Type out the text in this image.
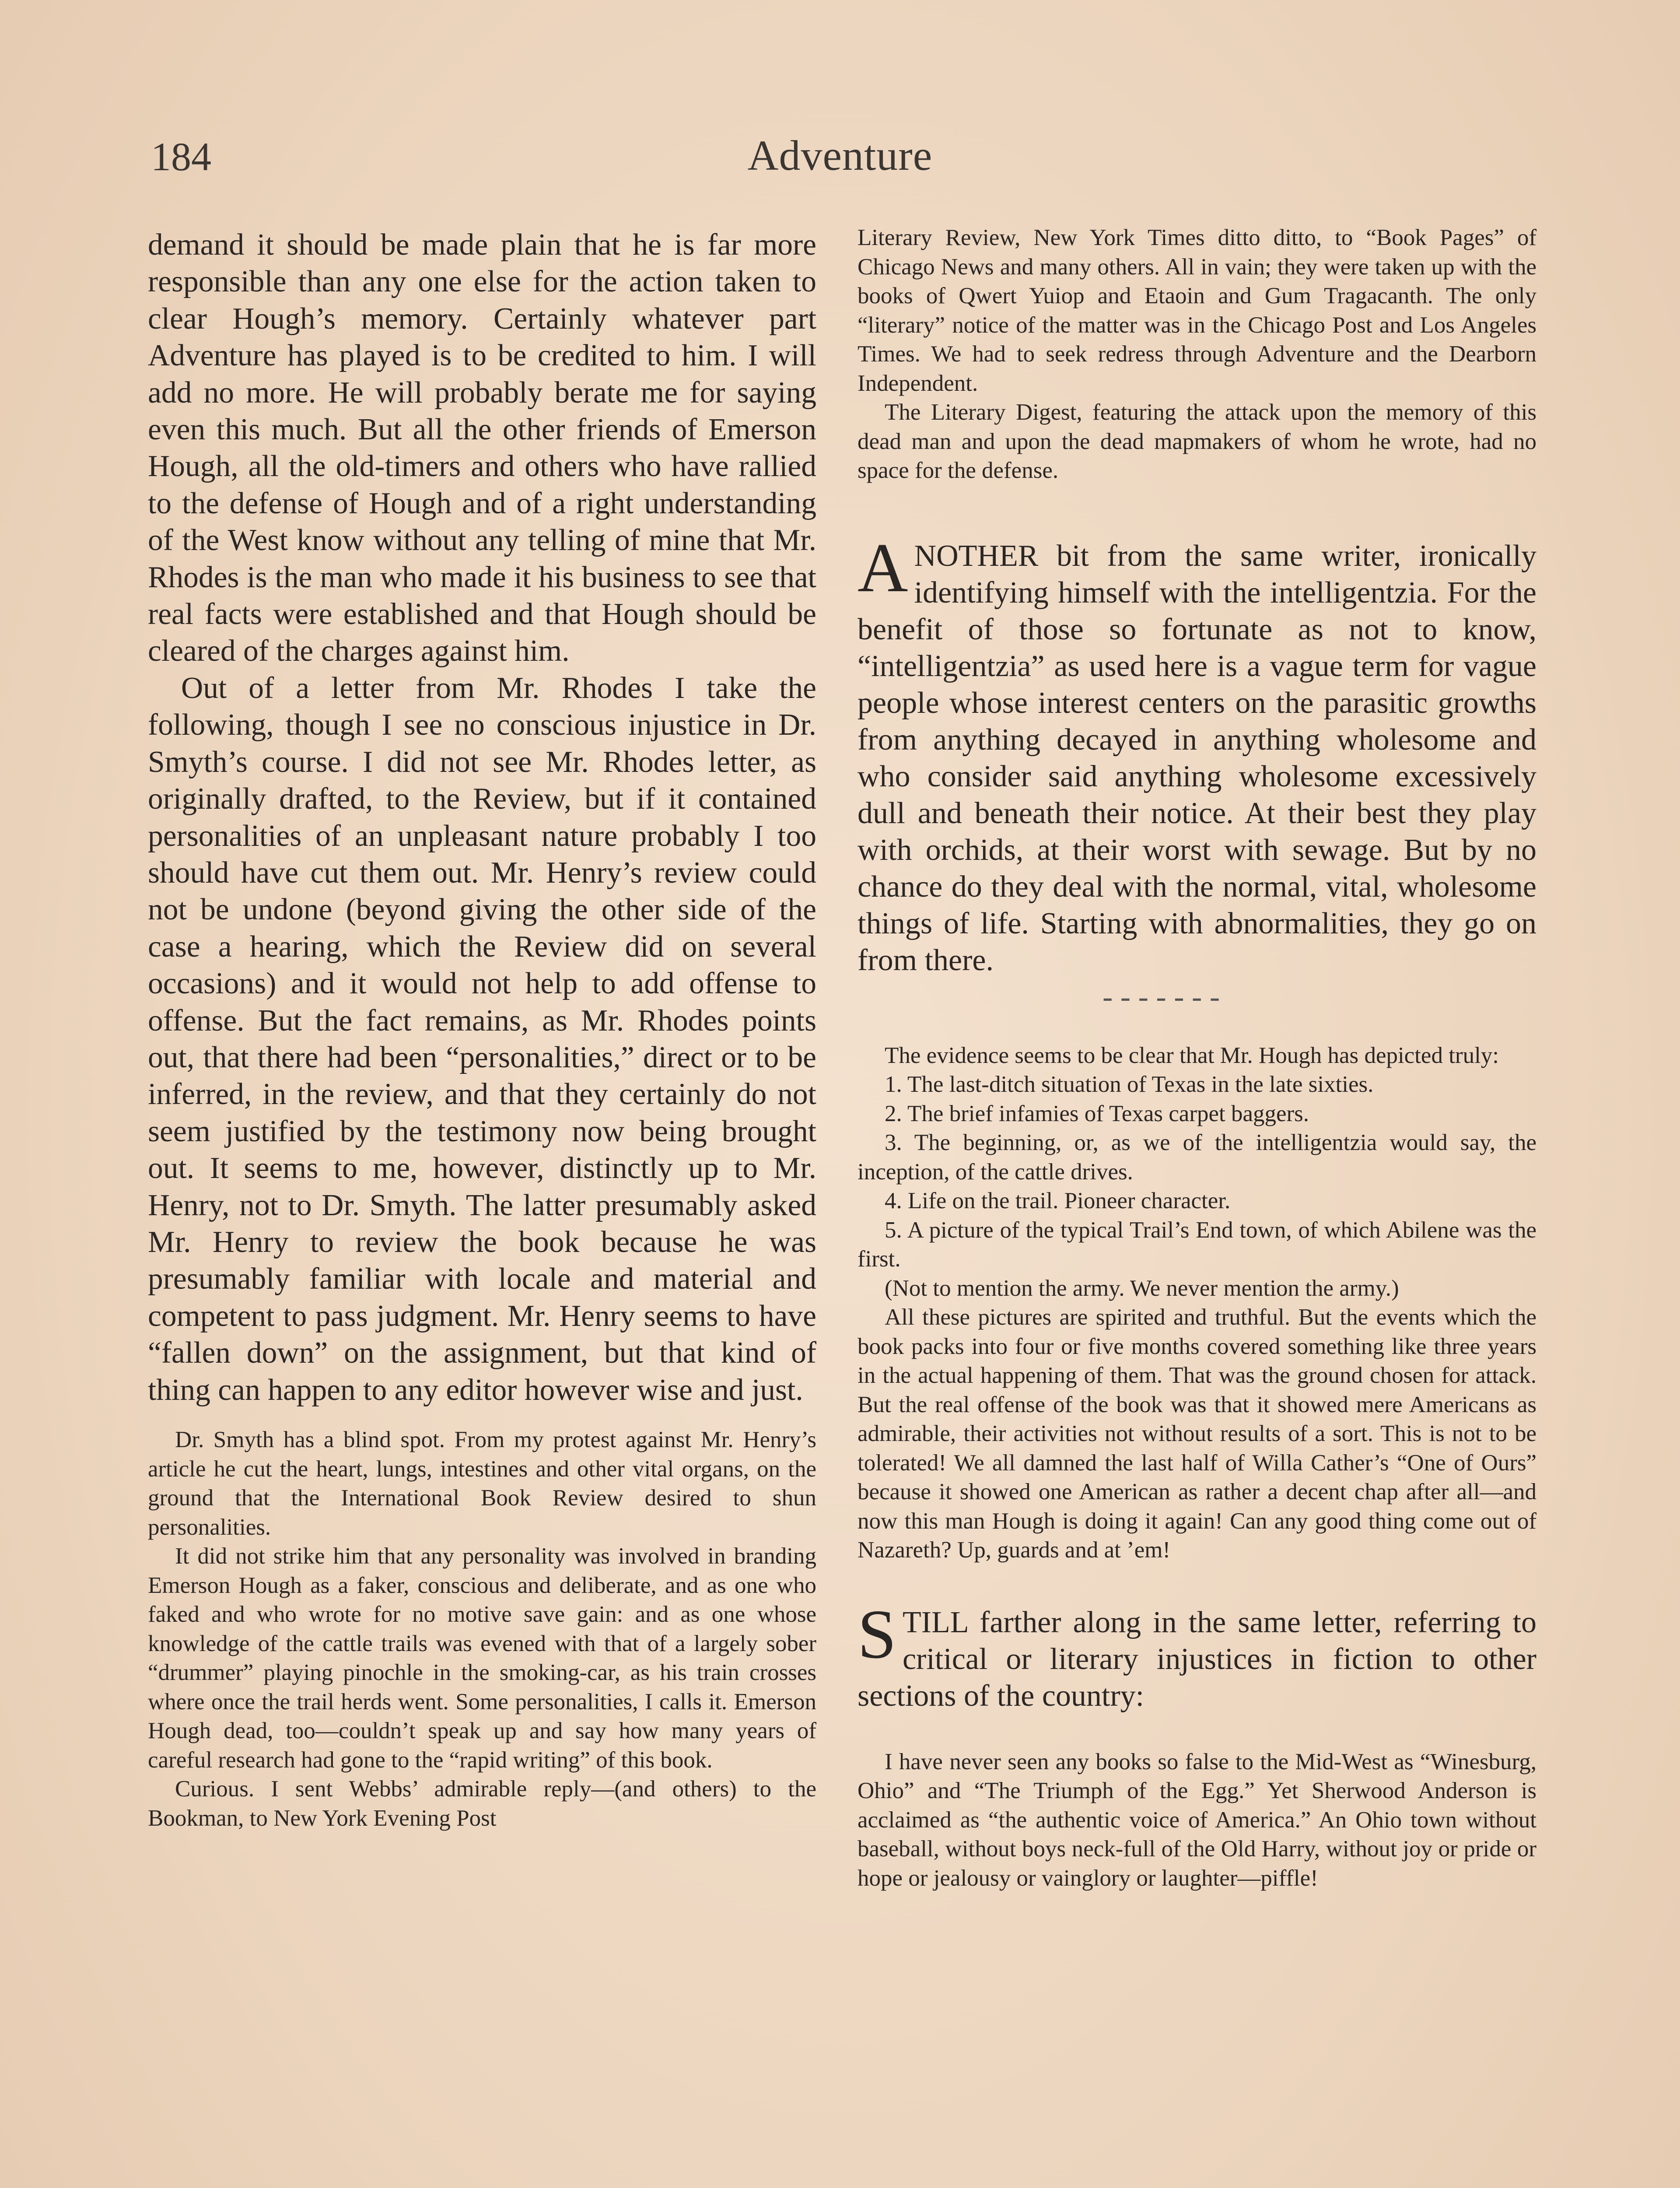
184	Adventure

demand it should be made plain that he is far more responsible than any one else for the action taken to clear Hough’s memory. Certainly whatever part Adventure has played is to be credited to him. I will add no more. He will probably berate me for saying even this much. But all the other friends of Emerson Hough, all the old-timers and others who have rallied to the defense of Hough and of a right understanding of the West know without any telling of mine that Mr. Rhodes is the man who made it his business to see that real facts were established and that Hough should be cleared of the charges against him.

Out of a letter from Mr. Rhodes I take the following, though I see no conscious injustice in Dr. Smyth’s course. I did not see Mr. Rhodes letter, as originally drafted, to the Review, but if it contained personalities of an unpleasant nature probably I too should have cut them out. Mr. Henry’s review could not be undone (beyond giving the other side of the case a hearing, which the Review did on several occasions) and it would not help to add offense to offense. But the fact remains, as Mr. Rhodes points out, that there had been “personalities,” direct or to be inferred, in the review, and that they certainly do not seem justified by the testimony now being brought out. It seems to me, however, distinctly up to Mr. Henry, not to Dr. Smyth. The latter presumably asked Mr. Henry to review the book because he was presumably familiar with locale and material and competent to pass judgment. Mr. Henry seems to have “fallen down” on the assignment, but that kind of thing can happen to any editor however wise and just.

Dr. Smyth has a blind spot. From my protest against Mr. Henry’s article he cut the heart, lungs, intestines and other vital organs, on the ground that the International Book Review desired to shun personalities.

It did not strike him that any personality was involved in branding Emerson Hough as a faker, conscious and deliberate, and as one who faked and who wrote for no motive save gain: and as one whose knowledge of the cattle trails was evened with that of a largely sober “drummer” playing pinochle in the smoking-car, as his train crosses where once the trail herds went. Some personalities, I calls it. Emerson Hough dead, too—couldn’t speak up and say how many years of careful research had gone to the “rapid writing” of this book.

Curious. I sent Webbs’ admirable reply—(and others) to the Bookman, to New York Evening Post

Literary Review, New York Times ditto ditto, to “Book Pages” of Chicago News and many others. All in vain; they were taken up with the books of Qwert Yuiop and Etaoin and Gum Tragacanth. The only “literary” notice of the matter was in the Chicago Post and Los Angeles Times. We had to seek redress through Adventure and the Dearborn Independent.

The Literary Digest, featuring the attack upon the memory of this dead man and upon the dead mapmakers of whom he wrote, had no space for the defense.

A NOTHER bit from the same writer, ironically identifying himself with the intelligentzia. For the benefit of those so fortunate as not to know, “intelligentzia” as used here is a vague term for vague people whose interest centers on the parasitic growths from anything decayed in anything wholesome and who consider said anything wholesome excessively dull and beneath their notice. At their best they play with orchids, at their worst with sewage. But by no chance do they deal with the normal, vital, wholesome things of life. Starting with abnormalities, they go on from there.

- - - - - - -

The evidence seems to be clear that Mr. Hough has depicted truly:

1. The last-ditch situation of Texas in the late sixties.

2. The brief infamies of Texas carpet baggers.

3. The beginning, or, as we of the intelligentzia would say, the inception, of the cattle drives.

4. Life on the trail. Pioneer character.

5. A picture of the typical Trail’s End town, of which Abilene was the first.

(Not to mention the army. We never mention the army.)

All these pictures are spirited and truthful. But the events which the book packs into four or five months covered something like three years in the actual happening of them. That was the ground chosen for attack. But the real offense of the book was that it showed mere Americans as admirable, their activities not without results of a sort. This is not to be tolerated! We all damned the last half of Willa Cather’s “One of Ours” because it showed one American as rather a decent chap after all—and now this man Hough is doing it again! Can any good thing come out of Nazareth? Up, guards and at ’em!

S TILL farther along in the same letter, referring to critical or literary injustices in fiction to other sections of the country:

I have never seen any books so false to the Mid-West as “Winesburg, Ohio” and “The Triumph of the Egg.” Yet Sherwood Anderson is acclaimed as “the authentic voice of America.” An Ohio town without baseball, without boys neck-full of the Old Harry, without joy or pride or hope or jealousy or vainglory or laughter—piffle!
